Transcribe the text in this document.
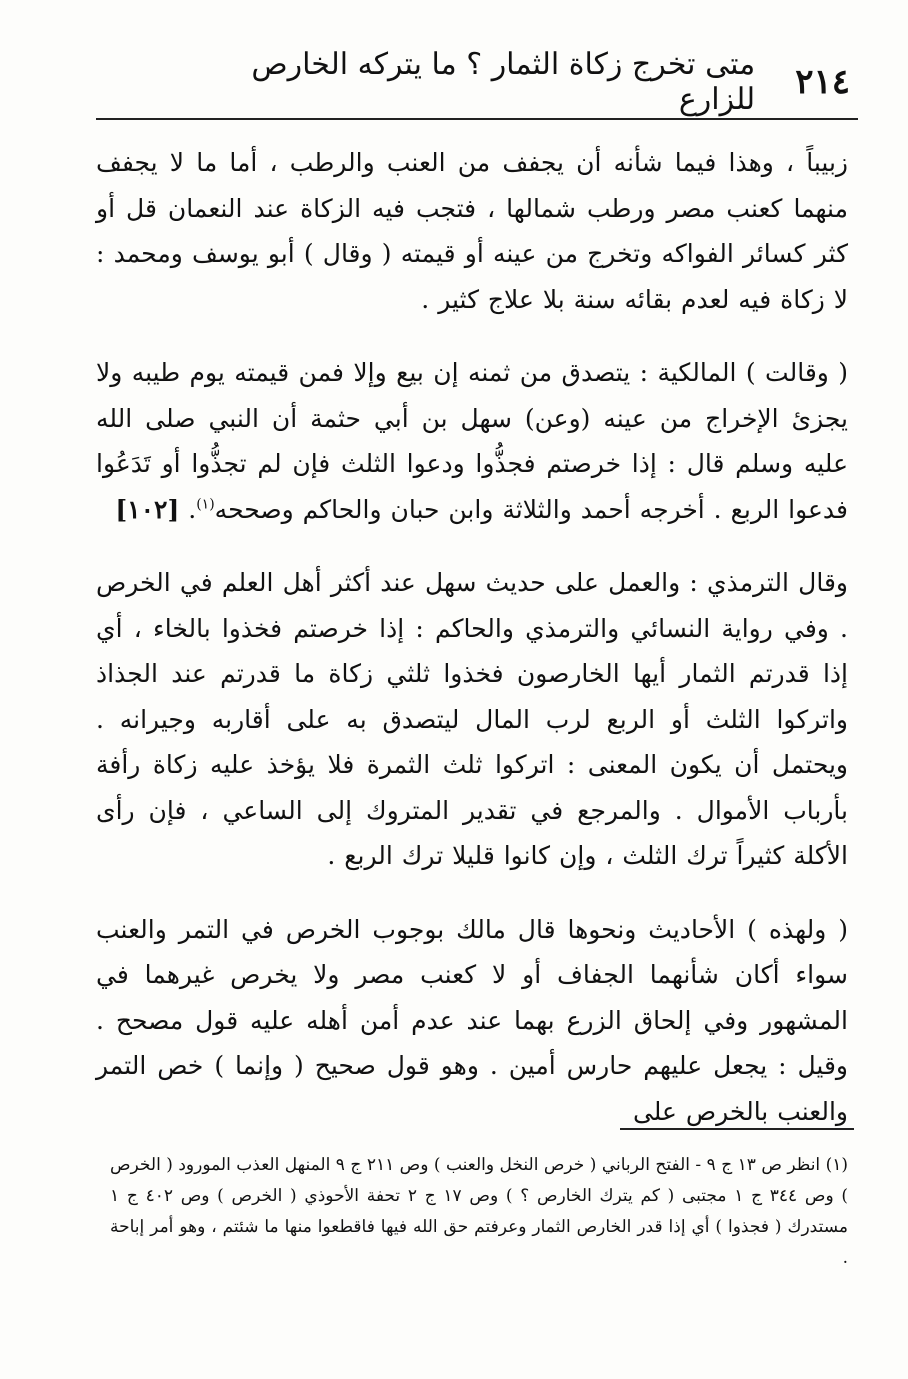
٢١٤
متى تخرج زكاة الثمار ؟ ما يتركه الخارص للزارع

زبيباً ، وهذا فيما شأنه أن يجفف من العنب والرطب ، أما ما لا يجفف منهما كعنب مصر ورطب شمالها ، فتجب فيه الزكاة عند النعمان قل أو كثر كسائر الفواكه وتخرج من عينه أو قيمته ( وقال ) أبو يوسف ومحمد : لا زكاة فيه لعدم بقائه سنة بلا علاج كثير .

( وقالت ) المالكية : يتصدق من ثمنه إن بيع وإلا فمن قيمته يوم طيبه ولا يجزئ الإخراج من عينه (وعن) سهل بن أبي حثمة أن النبي صلى الله عليه وسلم قال : إذا خرصتم فجذُّوا ودعوا الثلث فإن لم تجذُّوا أو تَدَعُوا فدعوا الربع . أخرجه أحمد والثلاثة وابن حبان والحاكم وصححه$^{(١)}$. [١٠٢]

وقال الترمذي : والعمل على حديث سهل عند أكثر أهل العلم في الخرص . وفي رواية النسائي والترمذي والحاكم : إذا خرصتم فخذوا بالخاء ، أي إذا قدرتم الثمار أيها الخارصون فخذوا ثلثي زكاة ما قدرتم عند الجذاذ واتركوا الثلث أو الربع لرب المال ليتصدق به على أقاربه وجيرانه . ويحتمل أن يكون المعنى : اتركوا ثلث الثمرة فلا يؤخذ عليه زكاة رأفة بأرباب الأموال . والمرجع في تقدير المتروك إلى الساعي ، فإن رأى الأكلة كثيراً ترك الثلث ، وإن كانوا قليلا ترك الربع .

( ولهذه ) الأحاديث ونحوها قال مالك بوجوب الخرص في التمر والعنب سواء أكان شأنهما الجفاف أو لا كعنب مصر ولا يخرص غيرهما في المشهور وفي إلحاق الزرع بهما عند عدم أمن أهله عليه قول مصحح . وقيل : يجعل عليهم حارس أمين . وهو قول صحيح ( وإنما ) خص التمر والعنب بالخرص على

(١) انظر ص ١٣ ج ٩ - الفتح الرباني ( خرص النخل والعنب ) وص ٢١١ ج ٩ المنهل العذب المورود ( الخرص ) وص ٣٤٤ ج ١ مجتبى ( كم يترك الخارص ؟ ) وص ١٧ ج ٢ تحفة الأحوذي ( الخرص ) وص ٤٠٢ ج ١ مستدرك ( فجذوا ) أي إذا قدر الخارص الثمار وعرفتم حق الله فيها فاقطعوا منها ما شئتم ، وهو أمر إباحة .
